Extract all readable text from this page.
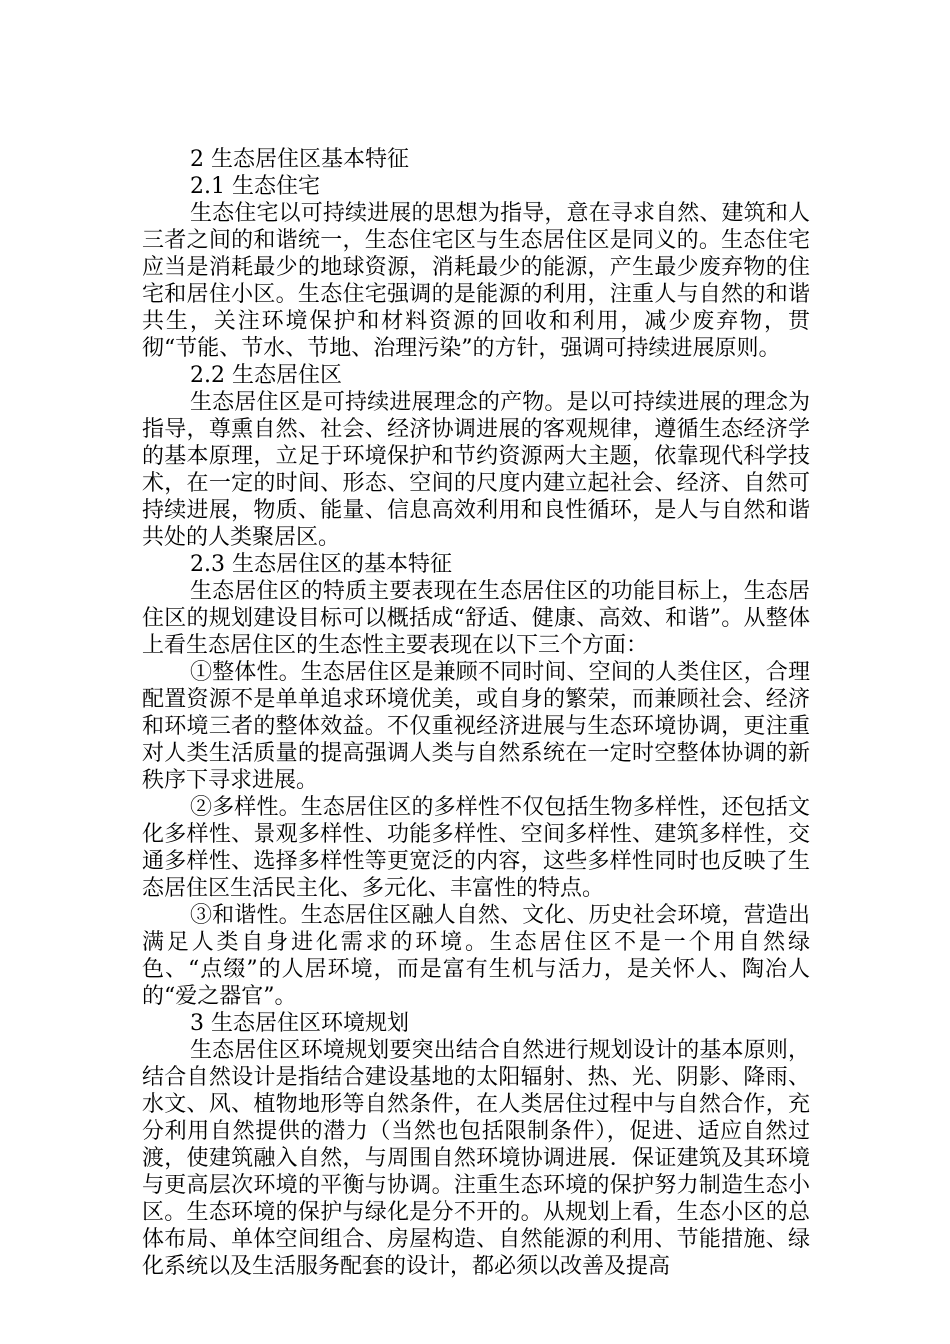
2 生态居住区基本特征

2.1 生态住宅

生态住宅以可持续进展的思想为指导，意在寻求自然、建筑和人三者之间的和谐统一，生态住宅区与生态居住区是同义的。生态住宅应当是消耗最少的地球资源，消耗最少的能源，产生最少废弃物的住宅和居住小区。生态住宅强调的是能源的利用，注重人与自然的和谐共生，关注环境保护和材料资源的回收和利用，减少废弃物，贯彻“节能、节水、节地、治理污染”的方针，强调可持续进展原则。

2.2 生态居住区

生态居住区是可持续进展理念的产物。是以可持续进展的理念为指导，尊熏自然、社会、经济协调进展的客观规律，遵循生态经济学的基本原理，立足于环境保护和节约资源两大主题，依靠现代科学技术，在一定的时间、形态、空间的尺度内建立起社会、经济、自然可持续进展，物质、能量、信息高效利用和良性循环，是人与自然和谐共处的人类聚居区。

2.3 生态居住区的基本特征

生态居住区的特质主要表现在生态居住区的功能目标上，生态居住区的规划建设目标可以概括成“舒适、健康、高效、和谐”。从整体上看生态居住区的生态性主要表现在以下三个方面：

①整体性。生态居住区是兼顾不同时间、空间的人类住区，合理配置资源不是单单追求环境优美，或自身的繁荣，而兼顾社会、经济和环境三者的整体效益。不仅重视经济进展与生态环境协调，更注重对人类生活质量的提高强调人类与自然系统在一定时空整体协调的新秩序下寻求进展。

②多样性。生态居住区的多样性不仅包括生物多样性，还包括文化多样性、景观多样性、功能多样性、空间多样性、建筑多样性，交通多样性、选择多样性等更宽泛的内容，这些多样性同时也反映了生态居住区生活民主化、多元化、丰富性的特点。

③和谐性。生态居住区融人自然、文化、历史社会环境，营造出满足人类自身进化需求的环境。生态居住区不是一个用自然绿色、“点缀”的人居环境，而是富有生机与活力，是关怀人、陶冶人的“爱之器官”。

3 生态居住区环境规划

生态居住区环境规划要突出结合自然进行规划设计的基本原则，结合自然设计是指结合建设基地的太阳辐射、热、光、阴影、降雨、水文、风、植物地形等自然条件，在人类居住过程中与自然合作，充分利用自然提供的潜力（当然也包括限制条件），促进、适应自然过渡，使建筑融入自然，与周围自然环境协调进展．保证建筑及其环境与更高层次环境的平衡与协调。注重生态环境的保护努力制造生态小区。生态环境的保护与绿化是分不开的。从规划上看，生态小区的总体布局、单体空间组合、房屋构造、自然能源的利用、节能措施、绿化系统以及生活服务配套的设计，都必须以改善及提高
